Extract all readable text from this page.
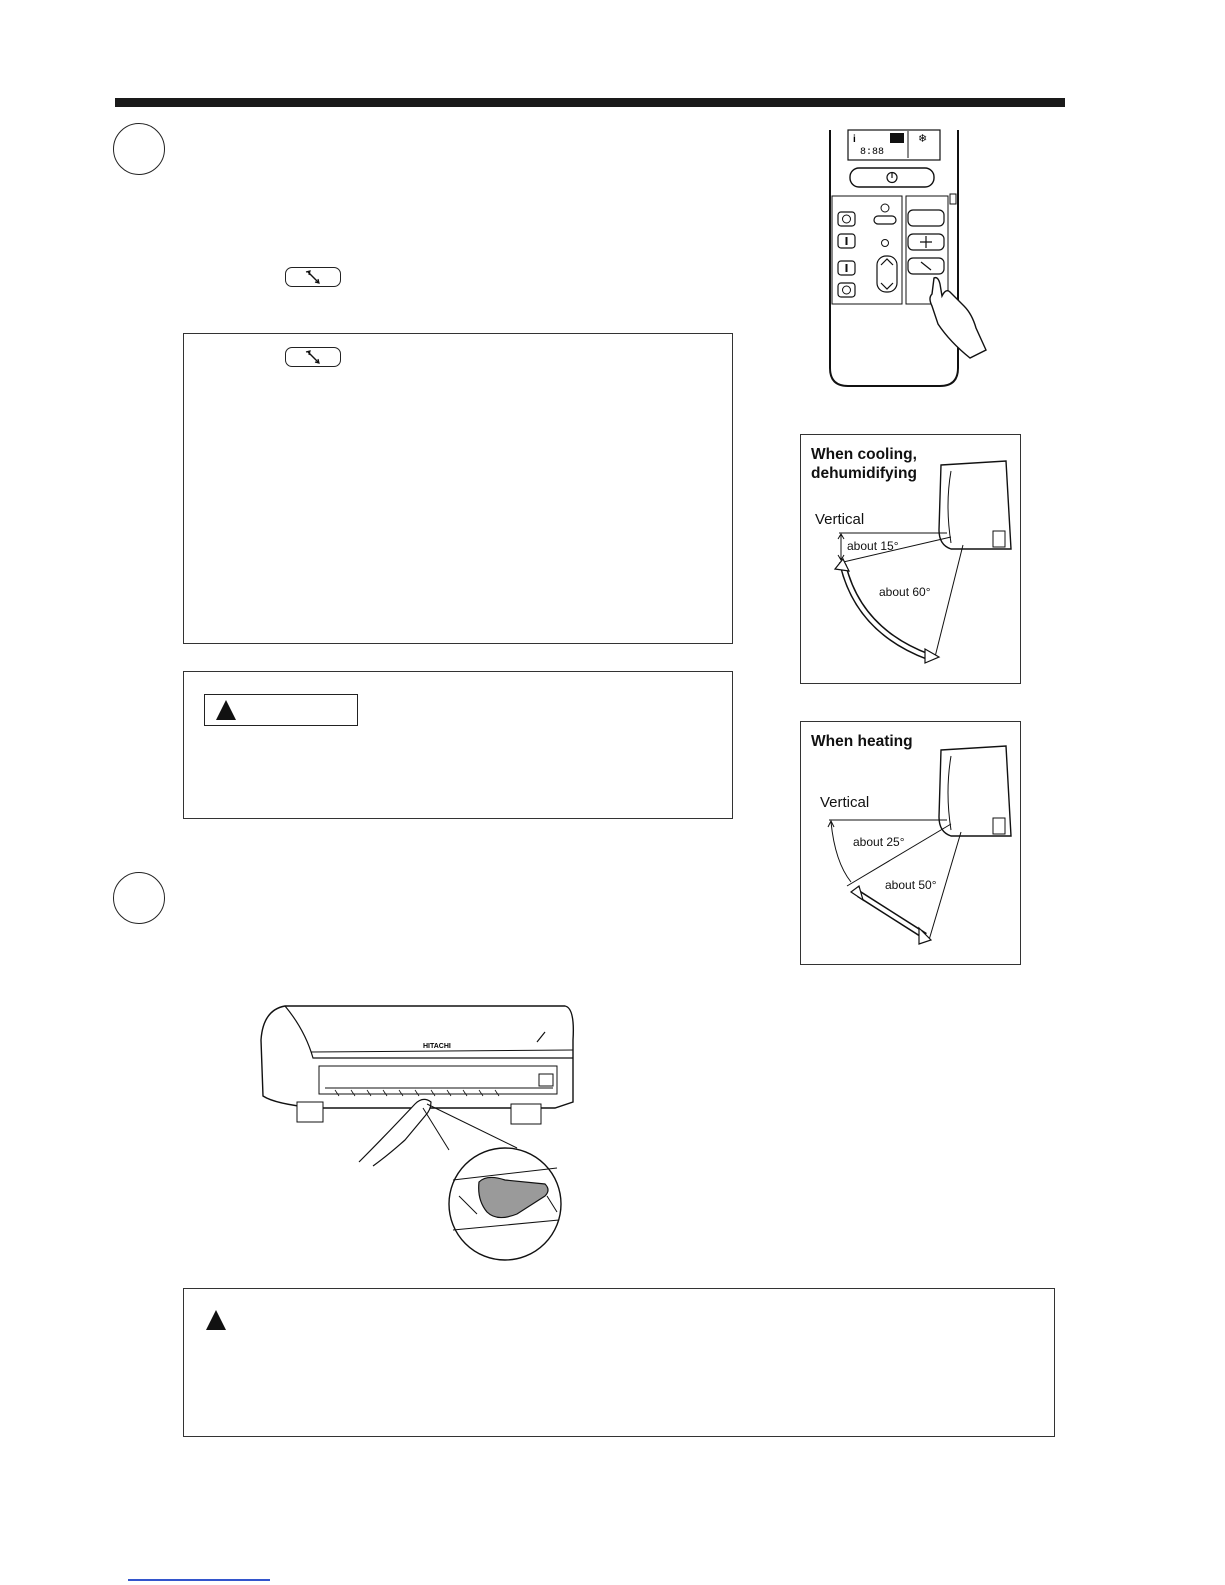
i
8:88
❄
When cooling,
dehumidifying
Vertical
about 15°
about 60°
When heating
Vertical
about 25°
about 50°
HITACHI
